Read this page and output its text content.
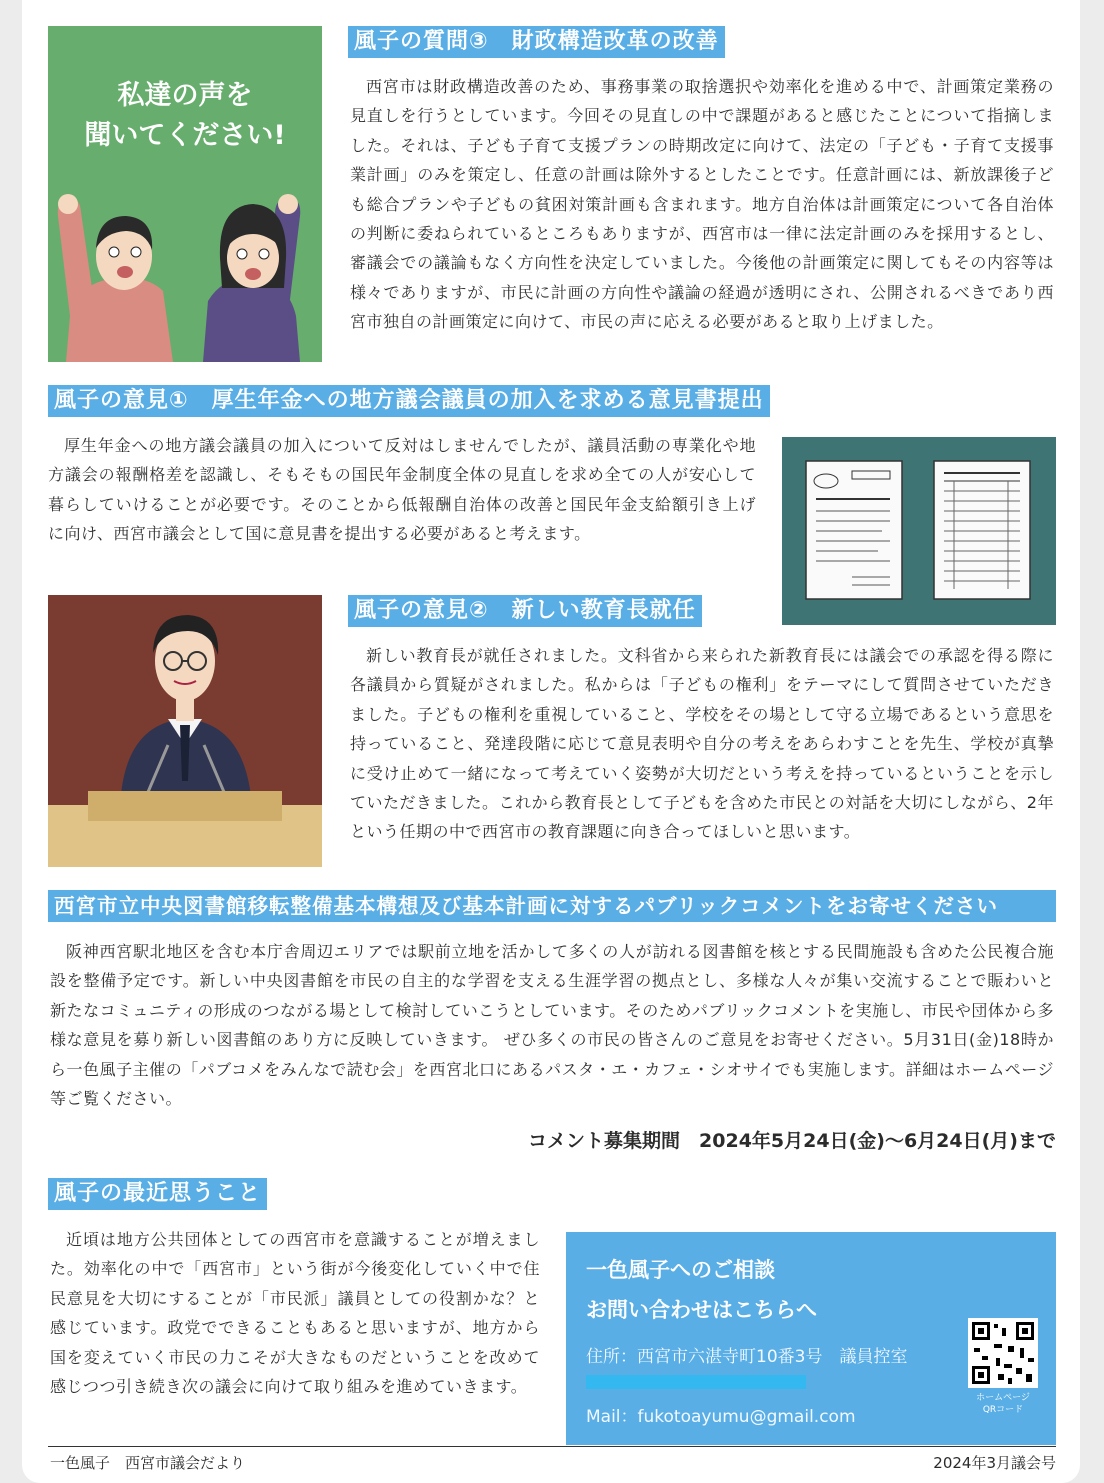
私達の声を
聞いてください!
風子の質問③　財政構造改革の改善
西宮市は財政構造改善のため、事務事業の取捨選択や効率化を進める中で、計画策定業務の見直しを行うとしています。今回その見直しの中で課題があると感じたことについて指摘しました。それは、子ども子育て支援プランの時期改定に向けて、法定の「子ども・子育て支援事業計画」のみを策定し、任意の計画は除外するとしたことです。任意計画には、新放課後子ども総合プランや子どもの貧困対策計画も含まれます。地方自治体は計画策定について各自治体の判断に委ねられているところもありますが、西宮市は一律に法定計画のみを採用するとし、審議会での議論もなく方向性を決定していました。今後他の計画策定に関してもその内容等は様々でありますが、市民に計画の方向性や議論の経過が透明にされ、公開されるべきであり西宮市独自の計画策定に向けて、市民の声に応える必要があると取り上げました。
風子の意見①　厚生年金への地方議会議員の加入を求める意見書提出
厚生年金への地方議会議員の加入について反対はしませんでしたが、議員活動の専業化や地方議会の報酬格差を認識し、そもそもの国民年金制度全体の見直しを求め全ての人が安心して暮らしていけることが必要です。そのことから低報酬自治体の改善と国民年金支給額引き上げに向け、西宮市議会として国に意見書を提出する必要があると考えます。
風子の意見②　新しい教育長就任
新しい教育長が就任されました。文科省から来られた新教育長には議会での承認を得る際に各議員から質疑がされました。私からは「子どもの権利」をテーマにして質問させていただきました。子どもの権利を重視していること、学校をその場として守る立場であるという意思を持っていること、発達段階に応じて意見表明や自分の考えをあらわすことを先生、学校が真摯に受け止めて一緒になって考えていく姿勢が大切だという考えを持っているということを示していただきました。これから教育長として子どもを含めた市民との対話を大切にしながら、2年という任期の中で西宮市の教育課題に向き合ってほしいと思います。
西宮市立中央図書館移転整備基本構想及び基本計画に対するパブリックコメントをお寄せください
阪神西宮駅北地区を含む本庁舎周辺エリアでは駅前立地を活かして多くの人が訪れる図書館を核とする民間施設も含めた公民複合施設を整備予定です。新しい中央図書館を市民の自主的な学習を支える生涯学習の拠点とし、多様な人々が集い交流することで賑わいと新たなコミュニティの形成のつながる場として検討していこうとしています。そのためパブリックコメントを実施し、市民や団体から多様な意見を募り新しい図書館のあり方に反映していきます。 ぜひ多くの市民の皆さんのご意見をお寄せください。5月31日(金)18時から一色風子主催の「パブコメをみんなで読む会」を西宮北口にあるパスタ・エ・カフェ・シオサイでも実施します。詳細はホームページ等ご覧ください。
コメント募集期間　2024年5月24日(金)～6月24日(月)まで
風子の最近思うこと
近頃は地方公共団体としての西宮市を意識することが増えました。効率化の中で「西宮市」という街が今後変化していく中で住民意見を大切にすることが「市民派」議員としての役割かな？と感じています。政党でできることもあると思いますが、地方から国を変えていく市民の力こそが大きなものだということを改めて感じつつ引き続き次の議会に向けて取り組みを進めていきます。
一色風子へのご相談
お問い合わせはこちらへ
住所：西宮市六湛寺町10番3号　議員控室
Mail：fukotoayumu@gmail.com
ホームページ
QRコード
一色風子　西宮市議会だより	2024年3月議会号
